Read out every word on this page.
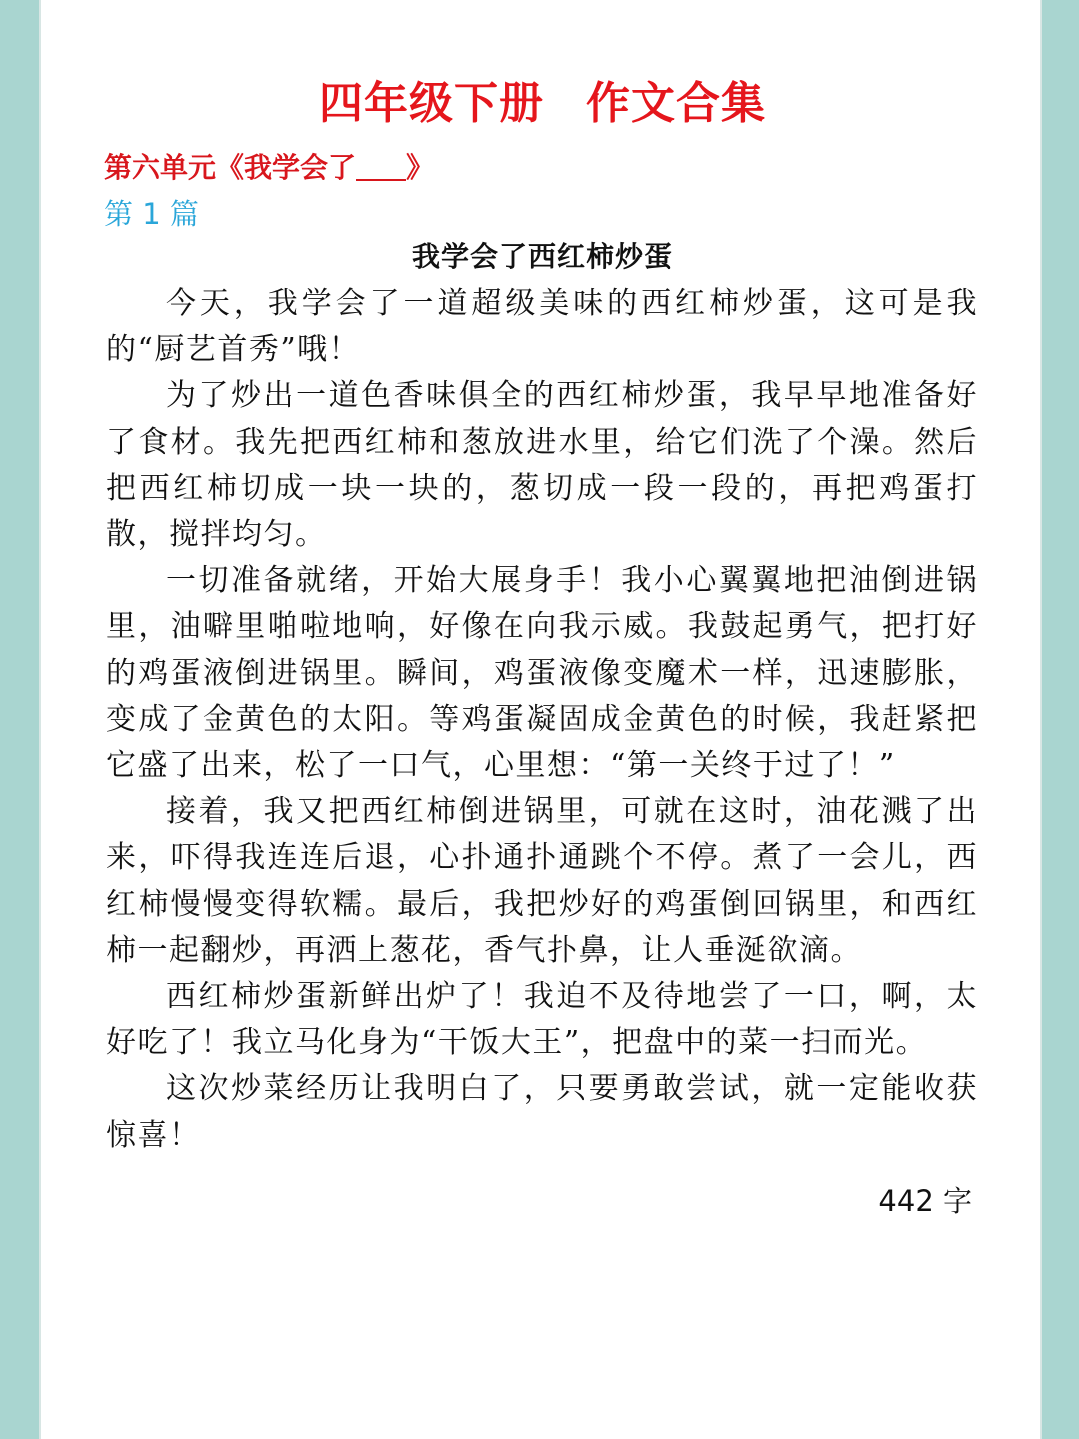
四年级下册 作文合集
第六单元《我学会了 》
第 1 篇
我学会了西红柿炒蛋

今天，我学会了一道超级美味的西红柿炒蛋，这可是我的“厨艺首秀”哦！

为了炒出一道色香味俱全的西红柿炒蛋，我早早地准备好了食材。我先把西红柿和葱放进水里，给它们洗了个澡。然后把西红柿切成一块一块的，葱切成一段一段的，再把鸡蛋打散，搅拌均匀。

一切准备就绪，开始大展身手！我小心翼翼地把油倒进锅里，油噼里啪啦地响，好像在向我示威。我鼓起勇气，把打好的鸡蛋液倒进锅里。瞬间，鸡蛋液像变魔术一样，迅速膨胀，变成了金黄色的太阳。等鸡蛋凝固成金黄色的时候，我赶紧把它盛了出来，松了一口气，心里想：“第一关终于过了！”

接着，我又把西红柿倒进锅里，可就在这时，油花溅了出来，吓得我连连后退，心扑通扑通跳个不停。煮了一会儿，西红柿慢慢变得软糯。最后，我把炒好的鸡蛋倒回锅里，和西红柿一起翻炒，再洒上葱花，香气扑鼻，让人垂涎欲滴。

西红柿炒蛋新鲜出炉了！我迫不及待地尝了一口，啊，太好吃了！我立马化身为“干饭大王”，把盘中的菜一扫而光。

这次炒菜经历让我明白了，只要勇敢尝试，就一定能收获惊喜！

442 字
